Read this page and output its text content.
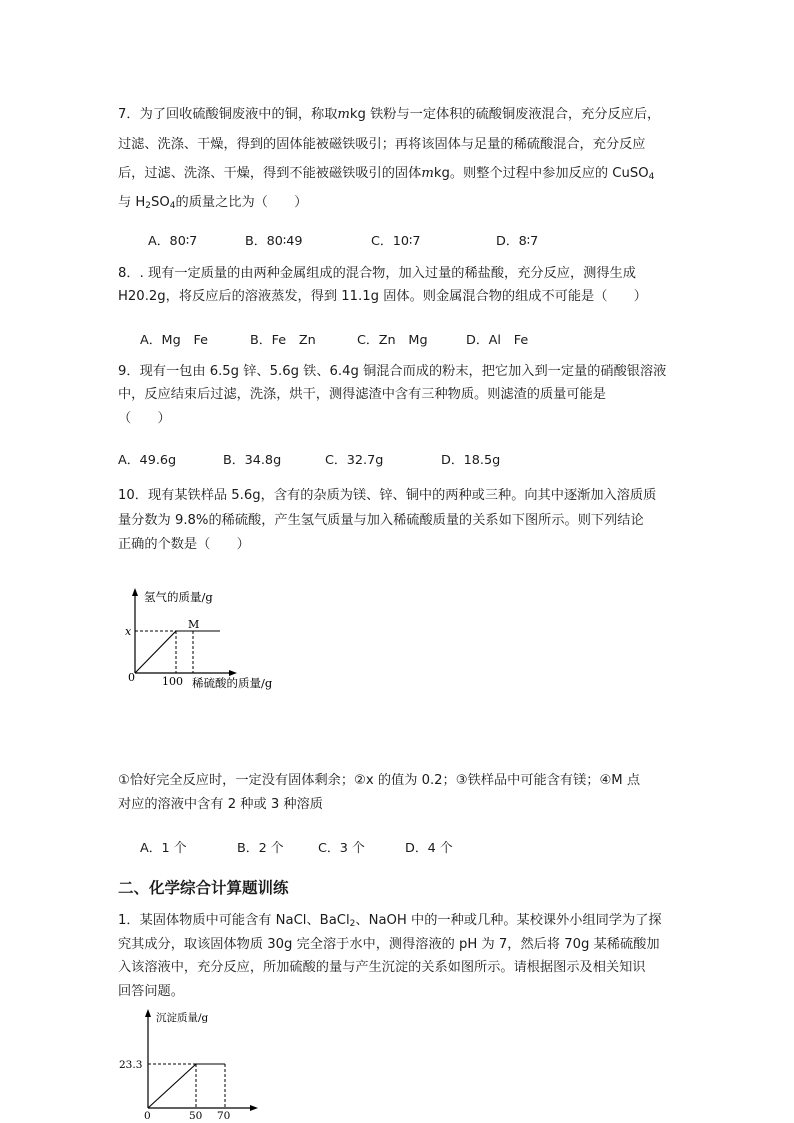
7．为了回收硫酸铜废液中的铜，称取mkg 铁粉与一定体积的硫酸铜废液混合，充分反应后，
过滤、洗涤、干燥，得到的固体能被磁铁吸引；再将该固体与足量的稀硫酸混合，充分反应
后，过滤、洗涤、干燥，得到不能被磁铁吸引的固体mkg。则整个过程中参加反应的 CuSO$_4$
与 $H_2SO_4$的质量之比为（　　）
A．80∶7	B．80∶49	C．10∶7	D．8∶7
8．. 现有一定质量的由两种金属组成的混合物，加入过量的稀盐酸，充分反应，测得生成
H20.2g，将反应后的溶液蒸发，得到 11.1g 固体。则金属混合物的组成不可能是（　　）
A．Mg　Fe	B．Fe　Zn	C．Zn　Mg	D．Al　Fe
9．现有一包由 6.5g 锌、5.6g 铁、6.4g 铜混合而成的粉末，把它加入到一定量的硝酸银溶液
中，反应结束后过滤，洗涤，烘干，测得滤渣中含有三种物质。则滤渣的质量可能是
（　　）
A．49.6g	B．34.8g	C．32.7g	D．18.5g
10．现有某铁样品 5.6g，含有的杂质为镁、锌、铜中的两种或三种。向其中逐渐加入溶质质
量分数为 9.8%的稀硫酸，产生氢气质量与加入稀硫酸质量的关系如下图所示。则下列结论
正确的个数是（　　）
氢气的质量/g
稀硫酸的质量/g
x
100
0
M
①恰好完全反应时，一定没有固体剩余；②x 的值为 0.2；③铁样品中可能含有镁；④M 点
对应的溶液中含有 2 种或 3 种溶质
A．1 个	B．2 个	C．3 个	D．4 个
二、化学综合计算题训练
1．某固体物质中可能含有 NaCl、BaCl$_2$、NaOH 中的一种或几种。某校课外小组同学为了探
究其成分，取该固体物质 30g 完全溶于水中，测得溶液的 pH 为 7，然后将 70g 某稀硫酸加
入该溶液中，充分反应，所加硫酸的量与产生沉淀的关系如图所示。请根据图示及相关知识
回答问题。
沉淀质量/g
23.3
0	50 70
